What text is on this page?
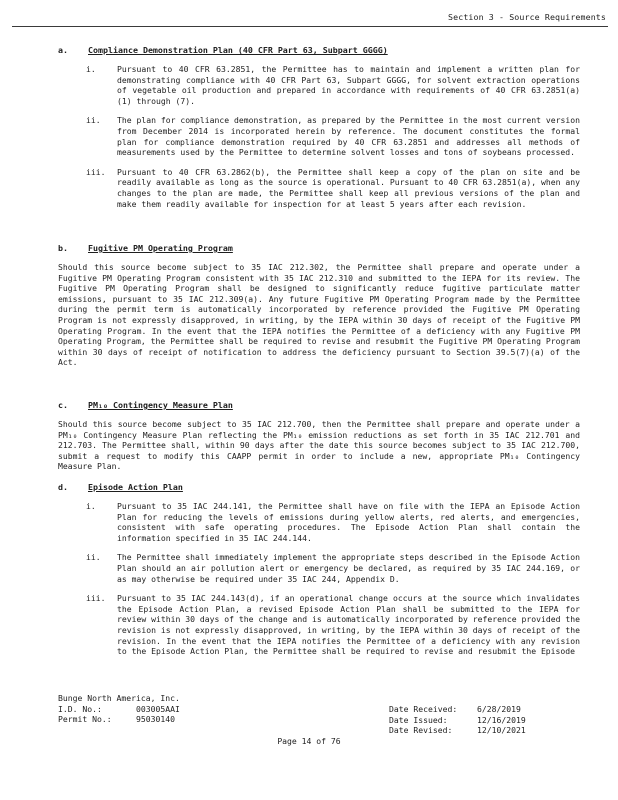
Section 3 - Source Requirements
a.	Compliance Demonstration Plan (40 CFR Part 63, Subpart GGGG)
i.	Pursuant to 40 CFR 63.2851, the Permittee has to maintain and implement a written plan for demonstrating compliance with 40 CFR Part 63, Subpart GGGG, for solvent extraction operations of vegetable oil production and prepared in accordance with requirements of 40 CFR 63.2851(a)(1) through (7).
ii.	The plan for compliance demonstration, as prepared by the Permittee in the most current version from December 2014 is incorporated herein by reference. The document constitutes the formal plan for compliance demonstration required by 40 CFR 63.2851 and addresses all methods of measurements used by the Permittee to determine solvent losses and tons of soybeans processed.
iii.	Pursuant to 40 CFR 63.2862(b), the Permittee shall keep a copy of the plan on site and be readily available as long as the source is operational. Pursuant to 40 CFR 63.2851(a), when any changes to the plan are made, the Permittee shall keep all previous versions of the plan and make them readily available for inspection for at least 5 years after each revision.
b.	Fugitive PM Operating Program
Should this source become subject to 35 IAC 212.302, the Permittee shall prepare and operate under a Fugitive PM Operating Program consistent with 35 IAC 212.310 and submitted to the IEPA for its review. The Fugitive PM Operating Program shall be designed to significantly reduce fugitive particulate matter emissions, pursuant to 35 IAC 212.309(a). Any future Fugitive PM Operating Program made by the Permittee during the permit term is automatically incorporated by reference provided the Fugitive PM Operating Program is not expressly disapproved, in writing, by the IEPA within 30 days of receipt of the Fugitive PM Operating Program. In the event that the IEPA notifies the Permittee of a deficiency with any Fugitive PM Operating Program, the Permittee shall be required to revise and resubmit the Fugitive PM Operating Program within 30 days of receipt of notification to address the deficiency pursuant to Section 39.5(7)(a) of the Act.
c.	PM₁₀ Contingency Measure Plan
Should this source become subject to 35 IAC 212.700, then the Permittee shall prepare and operate under a PM₁₀ Contingency Measure Plan reflecting the PM₁₀ emission reductions as set forth in 35 IAC 212.701 and 212.703. The Permittee shall, within 90 days after the date this source becomes subject to 35 IAC 212.700, submit a request to modify this CAAPP permit in order to include a new, appropriate PM₁₀ Contingency Measure Plan.
d.	Episode Action Plan
i.	Pursuant to 35 IAC 244.141, the Permittee shall have on file with the IEPA an Episode Action Plan for reducing the levels of emissions during yellow alerts, red alerts, and emergencies, consistent with safe operating procedures. The Episode Action Plan shall contain the information specified in 35 IAC 244.144.
ii.	The Permittee shall immediately implement the appropriate steps described in the Episode Action Plan should an air pollution alert or emergency be declared, as required by 35 IAC 244.169, or as may otherwise be required under 35 IAC 244, Appendix D.
iii.	Pursuant to 35 IAC 244.143(d), if an operational change occurs at the source which invalidates the Episode Action Plan, a revised Episode Action Plan shall be submitted to the IEPA for review within 30 days of the change and is automatically incorporated by reference provided the revision is not expressly disapproved, in writing, by the IEPA within 30 days of receipt of the revision. In the event that the IEPA notifies the Permittee of a deficiency with any revision to the Episode Action Plan, the Permittee shall be required to revise and resubmit the Episode
Bunge North America, Inc.
I.D. No.:	003005AAI
Permit No.:	95030140
Date Received:	6/28/2019
Date Issued:	12/16/2019
Date Revised:	12/10/2021
Page 14 of 76
